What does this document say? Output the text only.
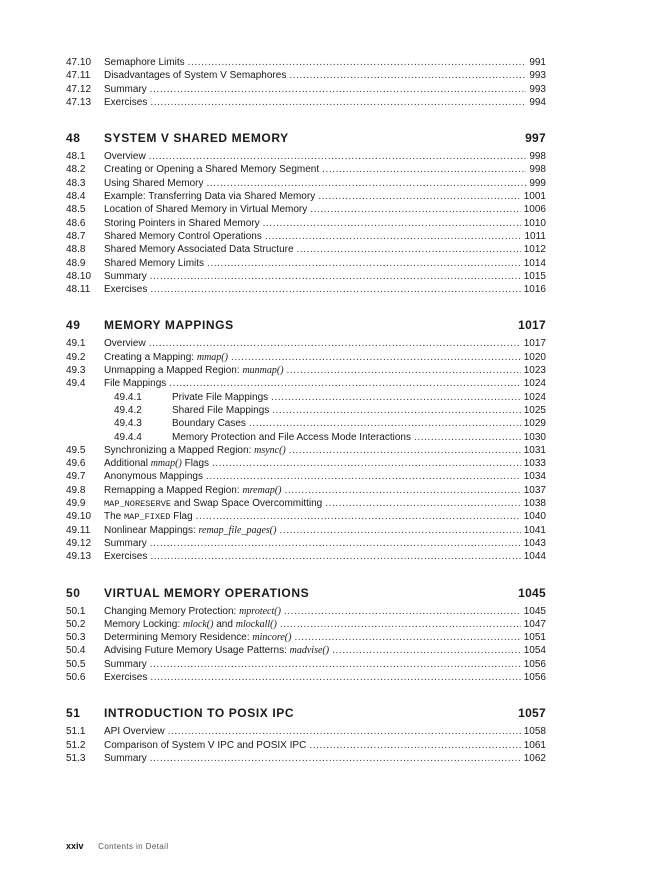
47.10	Semaphore Limits .....	991
47.11	Disadvantages of System V Semaphores .....	993
47.12	Summary .....	993
47.13	Exercises .....	994
48	SYSTEM V SHARED MEMORY	997
48.1	Overview .....	998
48.2	Creating or Opening a Shared Memory Segment .....	998
48.3	Using Shared Memory .....	999
48.4	Example: Transferring Data via Shared Memory .....	1001
48.5	Location of Shared Memory in Virtual Memory .....	1006
48.6	Storing Pointers in Shared Memory .....	1010
48.7	Shared Memory Control Operations .....	1011
48.8	Shared Memory Associated Data Structure .....	1012
48.9	Shared Memory Limits .....	1014
48.10	Summary .....	1015
48.11	Exercises .....	1016
49	MEMORY MAPPINGS	1017
49.1	Overview .....	1017
49.2	Creating a Mapping: mmap() .....	1020
49.3	Unmapping a Mapped Region: munmap() .....	1023
49.4	File Mappings .....	1024
49.4.1	Private File Mappings .....	1024
49.4.2	Shared File Mappings .....	1025
49.4.3	Boundary Cases .....	1029
49.4.4	Memory Protection and File Access Mode Interactions .....	1030
49.5	Synchronizing a Mapped Region: msync() .....	1031
49.6	Additional mmap() Flags .....	1033
49.7	Anonymous Mappings .....	1034
49.8	Remapping a Mapped Region: mremap() .....	1037
49.9	MAP_NORESERVE and Swap Space Overcommitting .....	1038
49.10	The MAP_FIXED Flag .....	1040
49.11	Nonlinear Mappings: remap_file_pages() .....	1041
49.12	Summary .....	1043
49.13	Exercises .....	1044
50	VIRTUAL MEMORY OPERATIONS	1045
50.1	Changing Memory Protection: mprotect() .....	1045
50.2	Memory Locking: mlock() and mlockall() .....	1047
50.3	Determining Memory Residence: mincore() .....	1051
50.4	Advising Future Memory Usage Patterns: madvise() .....	1054
50.5	Summary .....	1056
50.6	Exercises .....	1056
51	INTRODUCTION TO POSIX IPC	1057
51.1	API Overview .....	1058
51.2	Comparison of System V IPC and POSIX IPC .....	1061
51.3	Summary .....	1062
xxiv Contents in Detail
